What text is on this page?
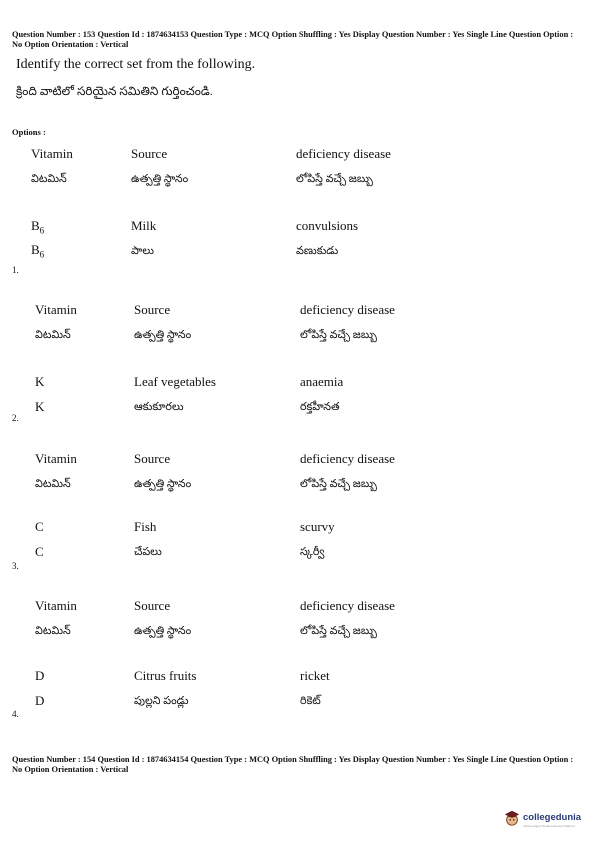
Question Number : 153 Question Id : 1874634153 Question Type : MCQ Option Shuffling : Yes Display Question Number : Yes Single Line Question Option : No Option Orientation : Vertical
Identify the correct set from the following.
క్రింది వాటిలో సరియైన సమితిని గుర్తించండి.
Options :
Vitamin	Source	deficiency disease
విటమిన్	ఉత్పత్తి స్థానం	లోపిస్తే వచ్చే జబ్బు
$B_6$	Milk	convulsions
$B_6$	పాలు	వణుకుడు
1.
Vitamin	Source	deficiency disease
విటమిన్	ఉత్పత్తి స్థానం	లోపిస్తే వచ్చే జబ్బు
K	Leaf vegetables	anaemia
K	ఆకుకూరలు	రక్తహీనత
2.
Vitamin	Source	deficiency disease
విటమిన్	ఉత్పత్తి స్థానం	లోపిస్తే వచ్చే జబ్బు
C	Fish	scurvy
C	చేపలు	స్కర్వీ
3.
Vitamin	Source	deficiency disease
విటమిన్	ఉత్పత్తి స్థానం	లోపిస్తే వచ్చే జబ్బు
D	Citrus fruits	ricket
D	పుల్లని పండ్లు	రికెట్
4.
Question Number : 154 Question Id : 1874634154 Question Type : MCQ Option Shuffling : Yes Display Question Number : Yes Single Line Question Option : No Option Orientation : Vertical
collegedunia
India's largest Student Review Platform
